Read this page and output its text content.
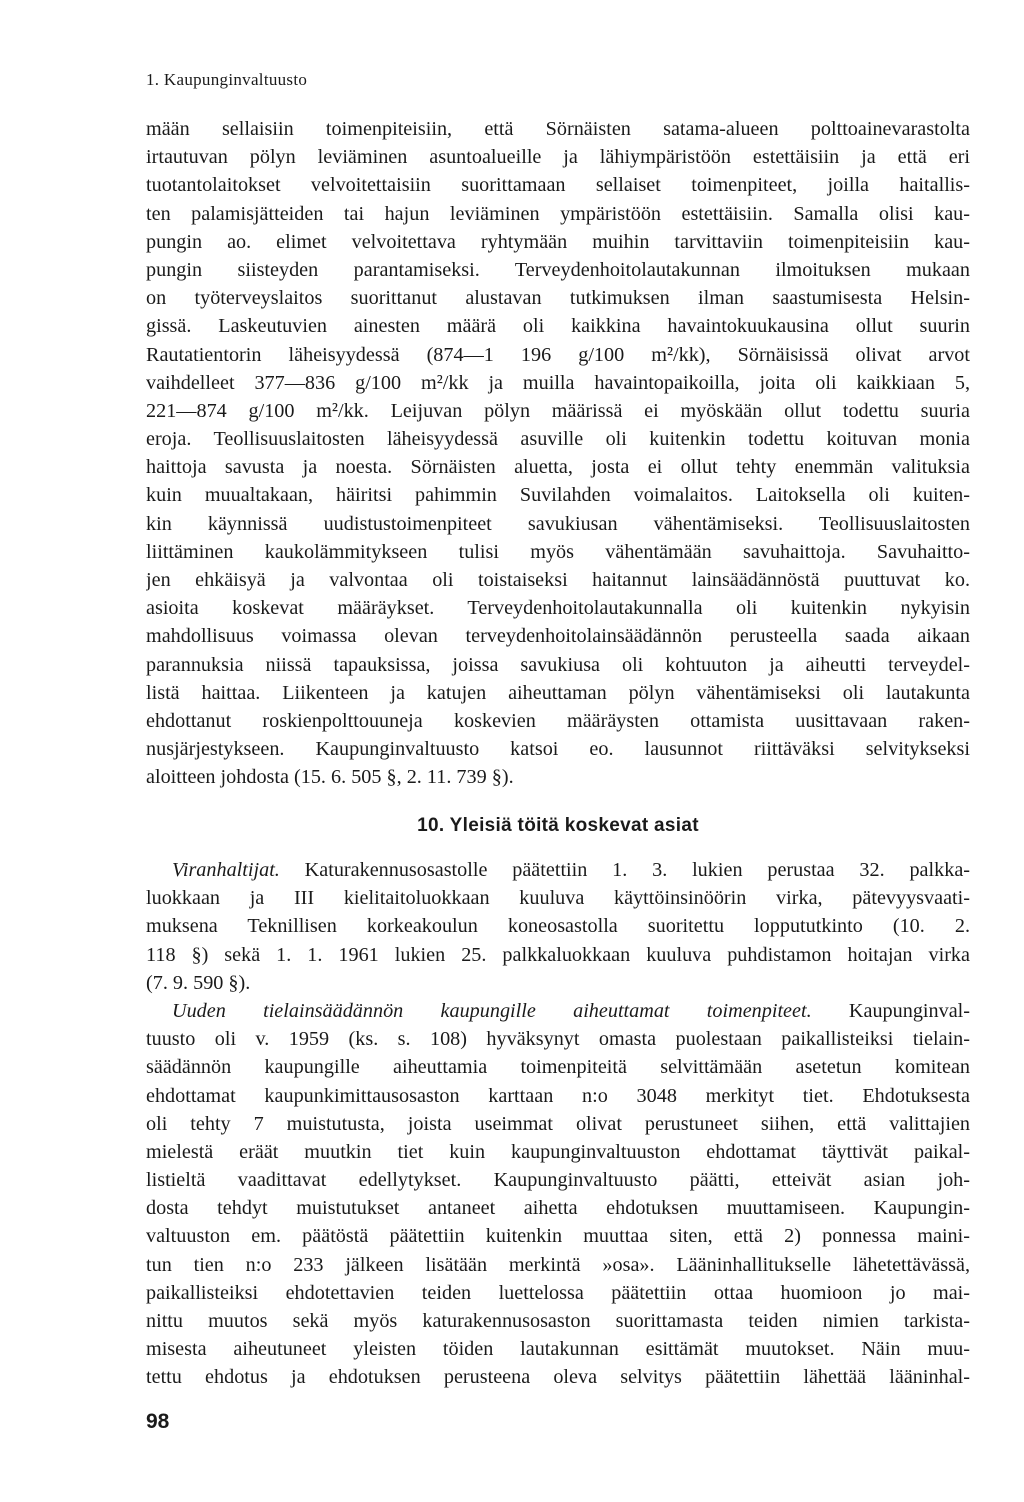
1. Kaupunginvaltuusto
mään sellaisiin toimenpiteisiin, että Sörnäisten satama-alueen polttoainevarastolta
irtautuvan pölyn leviäminen asuntoalueille ja lähiympäristöön estettäisiin ja että eri
tuotantolaitokset velvoitettaisiin suorittamaan sellaiset toimenpiteet, joilla haitallis-
ten palamisjätteiden tai hajun leviäminen ympäristöön estettäisiin. Samalla olisi kau-
pungin ao. elimet velvoitettava ryhtymään muihin tarvittaviin toimenpiteisiin kau-
pungin siisteyden parantamiseksi. Terveydenhoitolautakunnan ilmoituksen mukaan
on työterveyslaitos suorittanut alustavan tutkimuksen ilman saastumisesta Helsin-
gissä. Laskeutuvien ainesten määrä oli kaikkina havaintokuukausina ollut suurin
Rautatientorin läheisyydessä (874—1 196 g/100 m²/kk), Sörnäisissä olivat arvot
vaihdelleet 377—836 g/100 m²/kk ja muilla havaintopaikoilla, joita oli kaikkiaan 5,
221—874 g/100 m²/kk. Leijuvan pölyn määrissä ei myöskään ollut todettu suuria
eroja. Teollisuuslaitosten läheisyydessä asuville oli kuitenkin todettu koituvan monia
haittoja savusta ja noesta. Sörnäisten aluetta, josta ei ollut tehty enemmän valituksia
kuin muualtakaan, häiritsi pahimmin Suvilahden voimalaitos. Laitoksella oli kuiten-
kin käynnissä uudistustoimenpiteet savukiusan vähentämiseksi. Teollisuuslaitosten
liittäminen kaukolämmitykseen tulisi myös vähentämään savuhaittoja. Savuhaitto-
jen ehkäisyä ja valvontaa oli toistaiseksi haitannut lainsäädännöstä puuttuvat ko.
asioita koskevat määräykset. Terveydenhoitolautakunnalla oli kuitenkin nykyisin
mahdollisuus voimassa olevan terveydenhoitolainsäädännön perusteella saada aikaan
parannuksia niissä tapauksissa, joissa savukiusa oli kohtuuton ja aiheutti terveydel-
listä haittaa. Liikenteen ja katujen aiheuttaman pölyn vähentämiseksi oli lautakunta
ehdottanut roskienpolttouuneja koskevien määräysten ottamista uusittavaan raken-
nusjärjestykseen. Kaupunginvaltuusto katsoi eo. lausunnot riittäväksi selvitykseksi
aloitteen johdosta (15. 6. 505 §, 2. 11. 739 §).
10. Yleisiä töitä koskevat asiat
Viranhaltijat. Katurakennusosastolle päätettiin 1. 3. lukien perustaa 32. palkka-
luokkaan ja III kielitaitoluokkaan kuuluva käyttöinsinöörin virka, pätevyysvaati-
muksena Teknillisen korkeakoulun koneosastolla suoritettu loppututkinto (10. 2.
118 §) sekä 1. 1. 1961 lukien 25. palkkaluokkaan kuuluva puhdistamon hoitajan virka
(7. 9. 590 §).
Uuden tielainsäädännön kaupungille aiheuttamat toimenpiteet. Kaupunginval-
tuusto oli v. 1959 (ks. s. 108) hyväksynyt omasta puolestaan paikallisteiksi tielain-
säädännön kaupungille aiheuttamia toimenpiteitä selvittämään asetetun komitean
ehdottamat kaupunkimittausosaston karttaan n:o 3048 merkityt tiet. Ehdotuksesta
oli tehty 7 muistutusta, joista useimmat olivat perustuneet siihen, että valittajien
mielestä eräät muutkin tiet kuin kaupunginvaltuuston ehdottamat täyttivät paikal-
listieltä vaadittavat edellytykset. Kaupunginvaltuusto päätti, etteivät asian joh-
dosta tehdyt muistutukset antaneet aihetta ehdotuksen muuttamiseen. Kaupungin-
valtuuston em. päätöstä päätettiin kuitenkin muuttaa siten, että 2) ponnessa maini-
tun tien n:o 233 jälkeen lisätään merkintä »osa». Lääninhallitukselle lähetettävässä,
paikallisteiksi ehdotettavien teiden luettelossa päätettiin ottaa huomioon jo mai-
nittu muutos sekä myös katurakennusosaston suorittamasta teiden nimien tarkista-
misesta aiheutuneet yleisten töiden lautakunnan esittämät muutokset. Näin muu-
tettu ehdotus ja ehdotuksen perusteena oleva selvitys päätettiin lähettää lääninhal-
98
